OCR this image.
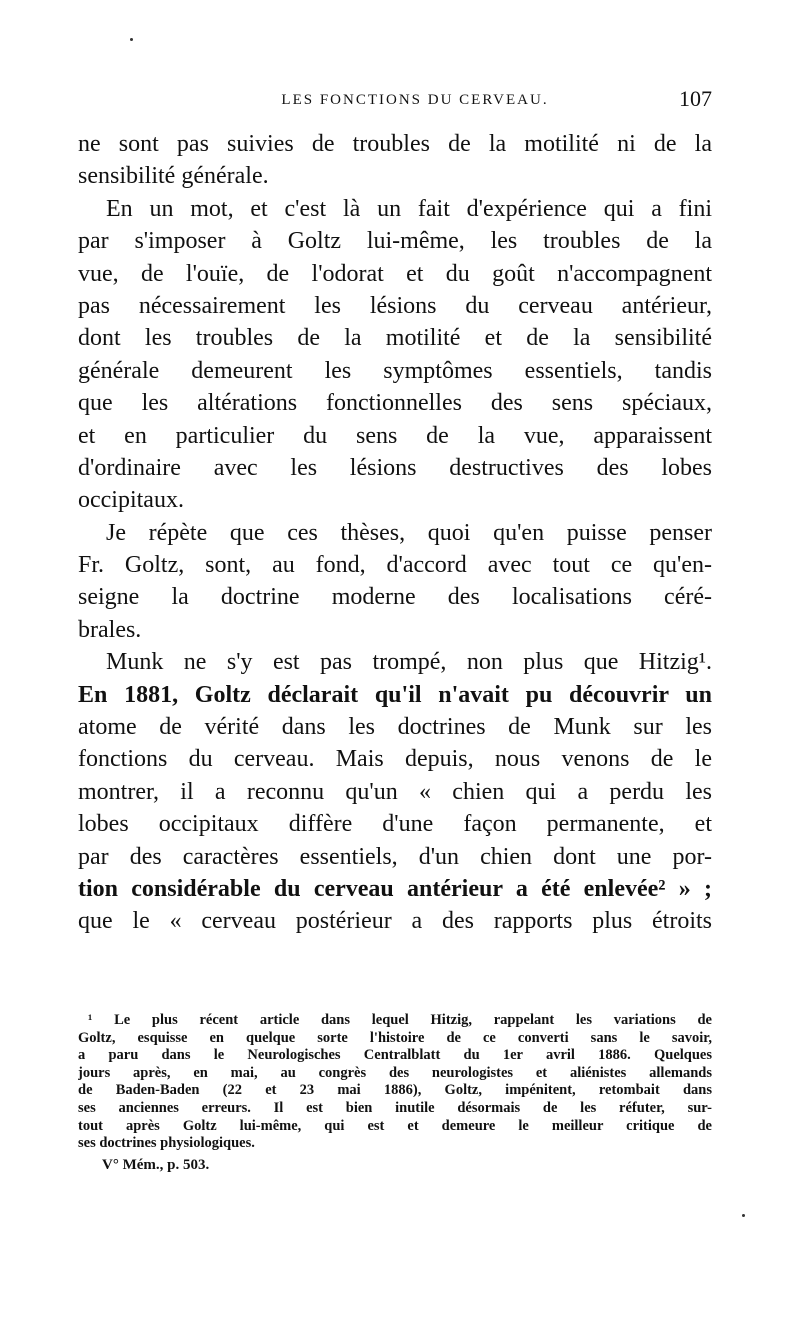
LES FONCTIONS DU CERVEAU.	107
ne sont pas suivies de troubles de la motilité ni de la
sensibilité générale.
En un mot, et c'est là un fait d'expérience qui a fini
par s'imposer à Goltz lui-même, les troubles de la
vue, de l'ouïe, de l'odorat et du goût n'accompagnent
pas nécessairement les lésions du cerveau antérieur,
dont les troubles de la motilité et de la sensibilité
générale demeurent les symptômes essentiels, tandis
que les altérations fonctionnelles des sens spéciaux,
et en particulier du sens de la vue, apparaissent
d'ordinaire avec les lésions destructives des lobes
occipitaux.
Je répète que ces thèses, quoi qu'en puisse penser
Fr. Goltz, sont, au fond, d'accord avec tout ce qu'en-
seigne la doctrine moderne des localisations céré-
brales.
Munk ne s'y est pas trompé, non plus que Hitzig¹.
En 1881, Goltz déclarait qu'il n'avait pu découvrir un
atome de vérité dans les doctrines de Munk sur les
fonctions du cerveau. Mais depuis, nous venons de le
montrer, il a reconnu qu'un « chien qui a perdu les
lobes occipitaux diffère d'une façon permanente, et
par des caractères essentiels, d'un chien dont une por-
tion considérable du cerveau antérieur a été enlevée² » ;
que le « cerveau postérieur a des rapports plus étroits
¹ Le plus récent article dans lequel Hitzig, rappelant les variations de
Goltz, esquisse en quelque sorte l'histoire de ce converti sans le savoir,
a paru dans le Neurologisches Centralblatt du 1er avril 1886. Quelques
jours après, en mai, au congrès des neurologistes et aliénistes allemands
de Baden-Baden (22 et 23 mai 1886), Goltz, impénitent, retombait dans
ses anciennes erreurs. Il est bien inutile désormais de les réfuter, sur-
tout après Goltz lui-même, qui est et demeure le meilleur critique de
ses doctrines physiologiques.
V° Mém., p. 503.
